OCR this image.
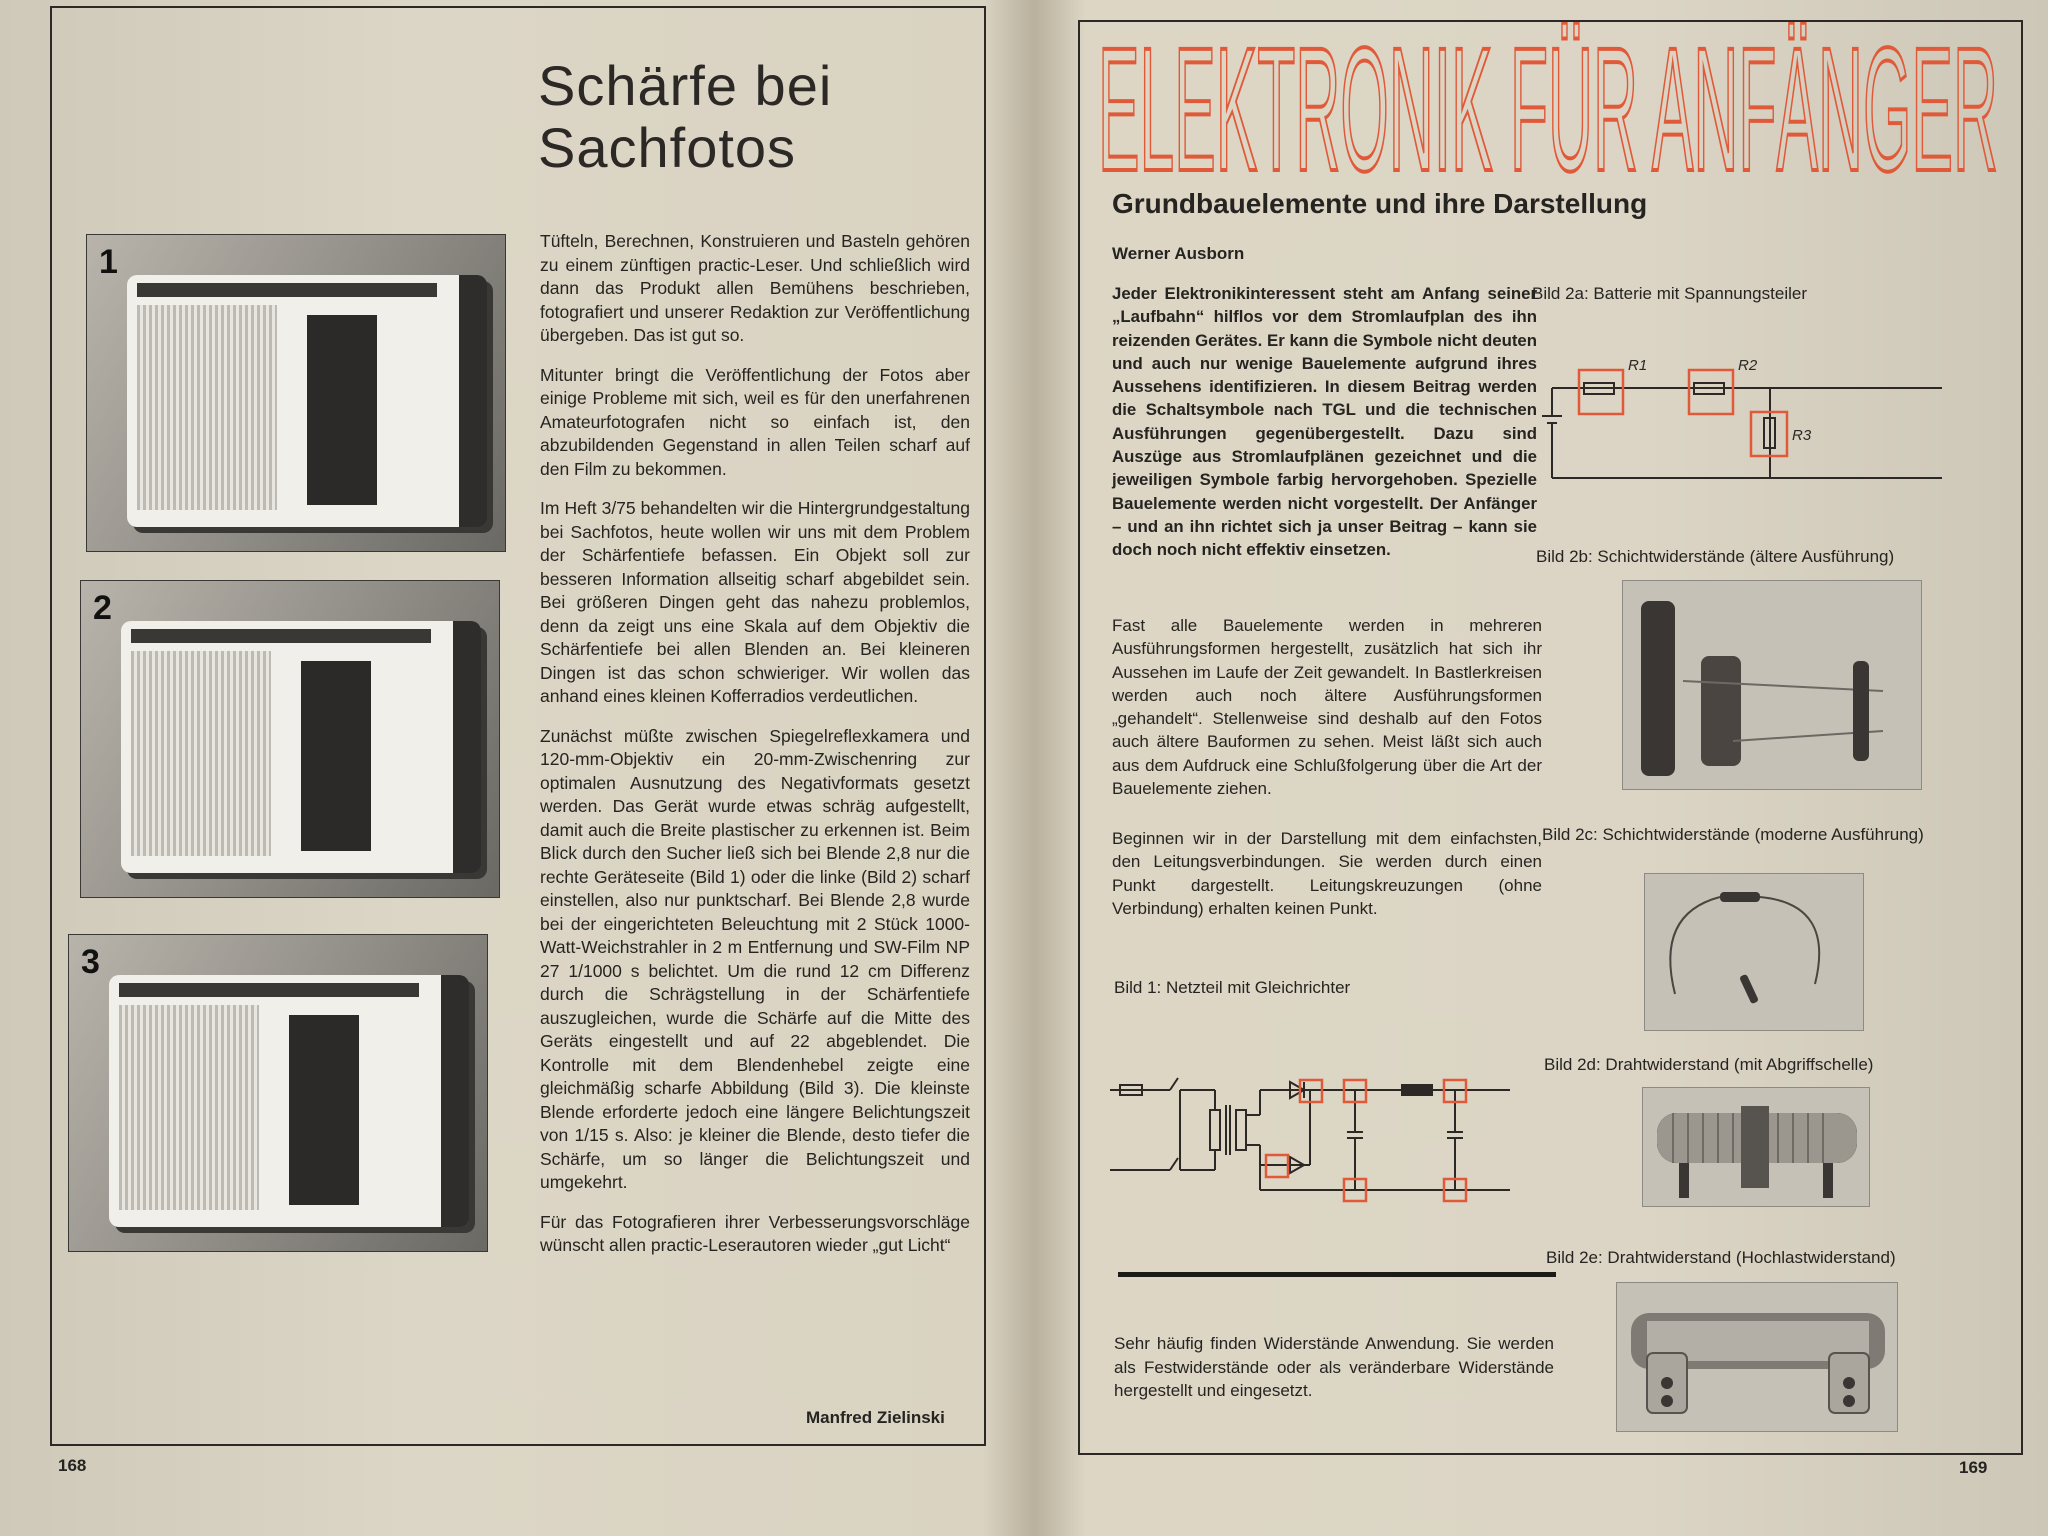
Schärfe bei
Sachfotos
1
2
3

Tüfteln, Berechnen, Konstruieren und Basteln gehören zu einem zünftigen practic-Leser. Und schließlich wird dann das Produkt allen Bemühens beschrieben, fotografiert und unserer Redaktion zur Veröffentlichung übergeben. Das ist gut so.

Mitunter bringt die Veröffentlichung der Fotos aber einige Probleme mit sich, weil es für den unerfahrenen Amateurfotografen nicht so einfach ist, den abzubildenden Gegenstand in allen Teilen scharf auf den Film zu bekommen.

Im Heft 3/75 behandelten wir die Hintergrundgestaltung bei Sachfotos, heute wollen wir uns mit dem Problem der Schärfentiefe befassen. Ein Objekt soll zur besseren Information allseitig scharf abgebildet sein. Bei größeren Dingen geht das nahezu problemlos, denn da zeigt uns eine Skala auf dem Objektiv die Schärfentiefe bei allen Blenden an. Bei kleineren Dingen ist das schon schwieriger. Wir wollen das anhand eines kleinen Kofferradios verdeutlichen.

Zunächst müßte zwischen Spiegelreflexkamera und 120-mm-Objektiv ein 20-mm-Zwischenring zur optimalen Ausnutzung des Negativformats gesetzt werden. Das Gerät wurde etwas schräg aufgestellt, damit auch die Breite plastischer zu erkennen ist. Beim Blick durch den Sucher ließ sich bei Blende 2,8 nur die rechte Geräteseite (Bild 1) oder die linke (Bild 2) scharf einstellen, also nur punktscharf. Bei Blende 2,8 wurde bei der eingerichteten Beleuchtung mit 2 Stück 1000-Watt-Weichstrahler in 2 m Entfernung und SW-Film NP 27 1/1000 s belichtet. Um die rund 12 cm Differenz durch die Schrägstellung in der Schärfentiefe auszugleichen, wurde die Schärfe auf die Mitte des Geräts eingestellt und auf 22 abgeblendet. Die Kontrolle mit dem Blendenhebel zeigte eine gleichmäßig scharfe Abbildung (Bild 3). Die kleinste Blende erforderte jedoch eine längere Belichtungszeit von 1/15 s. Also: je kleiner die Blende, desto tiefer die Schärfe, um so länger die Belichtungszeit und umgekehrt.

Für das Fotografieren ihrer Verbesserungsvorschläge wünscht allen practic-Leserautoren wieder „gut Licht“

Manfred Zielinski
168
ELEKTRONIK FÜR ANFÄNGER
Grundbauelemente und ihre Darstellung
Werner Ausborn
Jeder Elektronikinteressent steht am Anfang seiner „Laufbahn“ hilflos vor dem Stromlaufplan des ihn reizenden Gerätes. Er kann die Symbole nicht deuten und auch nur wenige Bauelemente aufgrund ihres Aussehens identifizieren. In diesem Beitrag werden die Schaltsymbole nach TGL und die technischen Ausführungen gegenübergestellt. Dazu sind Auszüge aus Stromlaufplänen gezeichnet und die jeweiligen Symbole farbig hervorgehoben. Spezielle Bauelemente werden nicht vorgestellt. Der Anfänger – und an ihn richtet sich ja unser Beitrag – kann sie doch noch nicht effektiv einsetzen.
Fast alle Bauelemente werden in mehreren Ausführungsformen hergestellt, zusätzlich hat sich ihr Aussehen im Laufe der Zeit gewandelt. In Bastlerkreisen werden auch noch ältere Ausführungsformen „gehandelt“. Stellenweise sind deshalb auf den Fotos auch ältere Bauformen zu sehen. Meist läßt sich auch aus dem Aufdruck eine Schlußfolgerung über die Art der Bauelemente ziehen.
Beginnen wir in der Darstellung mit dem einfachsten, den Leitungsverbindungen. Sie werden durch einen Punkt dargestellt. Leitungskreuzungen (ohne Verbindung) erhalten keinen Punkt.
Bild 1: Netzteil mit Gleichrichter
Sehr häufig finden Widerstände Anwendung. Sie werden als Festwiderstände oder als veränderbare Widerstände hergestellt und eingesetzt.
Bild 2a: Batterie mit Spannungsteiler
R1	R2
R3
Bild 2b: Schichtwiderstände (ältere Ausführung)
Bild 2c: Schichtwiderstände (moderne Ausführung)
Bild 2d: Drahtwiderstand (mit Abgriffschelle)
Bild 2e: Drahtwiderstand (Hochlastwiderstand)
169
